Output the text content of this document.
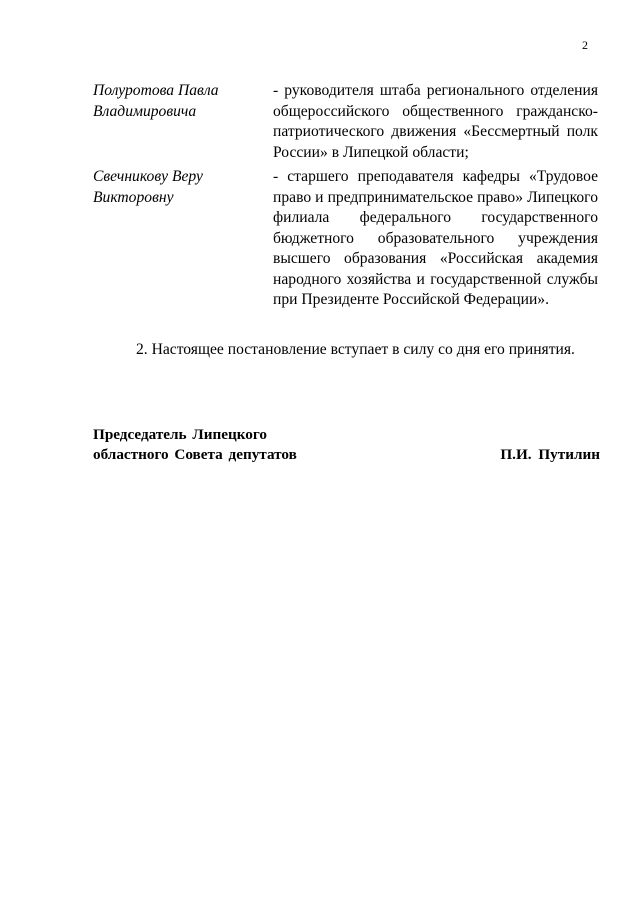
2
Полуротова Павла
Владимировича
- руководителя штаба регионального отделения
общероссийского общественного гражданско-
патриотического движения «Бессмертный полк
России» в Липецкой области;
Свечникову Веру
Викторовну
- старшего преподавателя кафедры «Трудовое
право и предпринимательское право» Липецкого
филиала федерального государственного
бюджетного образовательного учреждения
высшего образования «Российская академия
народного хозяйства и государственной службы
при Президенте Российской Федерации».
2. Настоящее постановление вступает в силу со дня его принятия.
Председатель Липецкого
областного Совета депутатов	П.И. Путилин
